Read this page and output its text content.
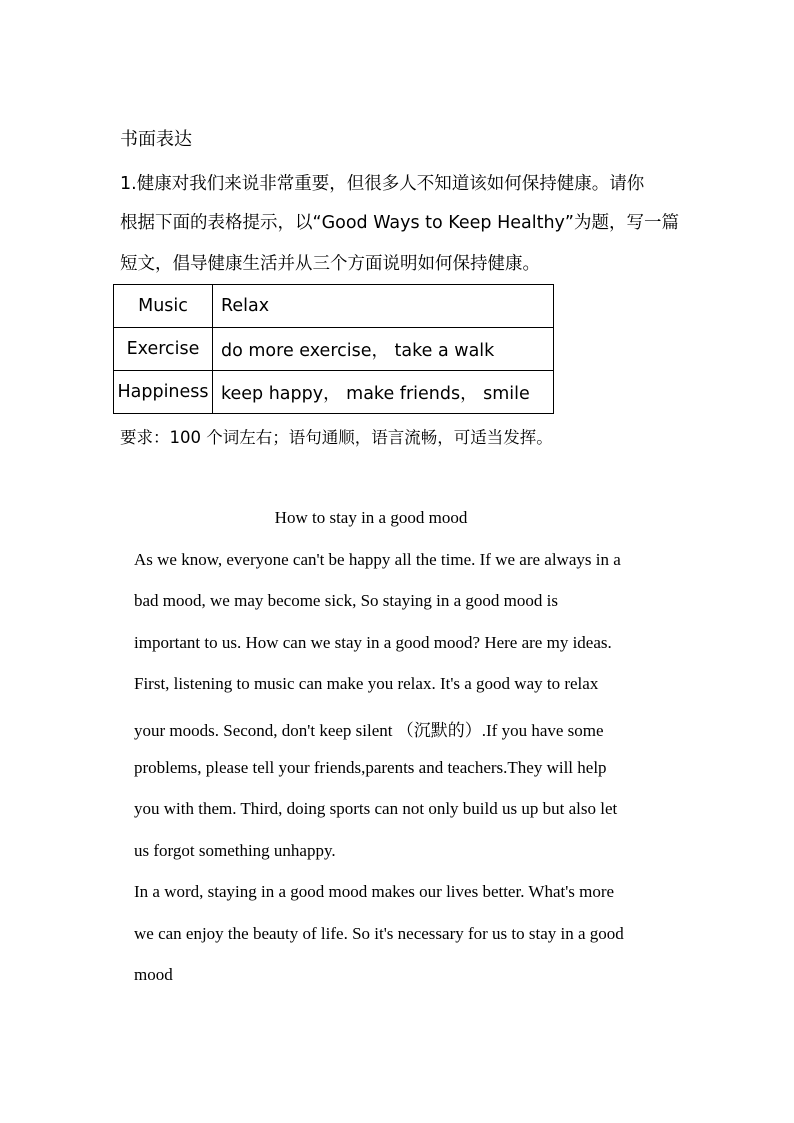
书面表达
1.健康对我们来说非常重要，但很多人不知道该如何保持健康。请你
根据下面的表格提示，以“Good Ways to Keep Healthy”为题，写一篇
短文，倡导健康生活并从三个方面说明如何保持健康。
Music	Relax
Exercise	do more exercise， take a walk
Happiness	keep happy， make friends， smile
要求：100 个词左右；语句通顺，语言流畅，可适当发挥。
How to stay in a good mood
As we know, everyone can't be happy all the time. If we are always in a
bad mood, we may become sick, So staying in a good mood is
important to us. How can we stay in a good mood? Here are my ideas.
First, listening to music can make you relax. It's a good way to relax
your moods. Second, don't keep silent （沉默的）.If you have some
problems, please tell your friends,parents and teachers.They will help
you with them. Third, doing sports can not only build us up but also let
us forgot something unhappy.
In a word, staying in a good mood makes our lives better. What's more
we can enjoy the beauty of life. So it's necessary for us to stay in a good
mood
